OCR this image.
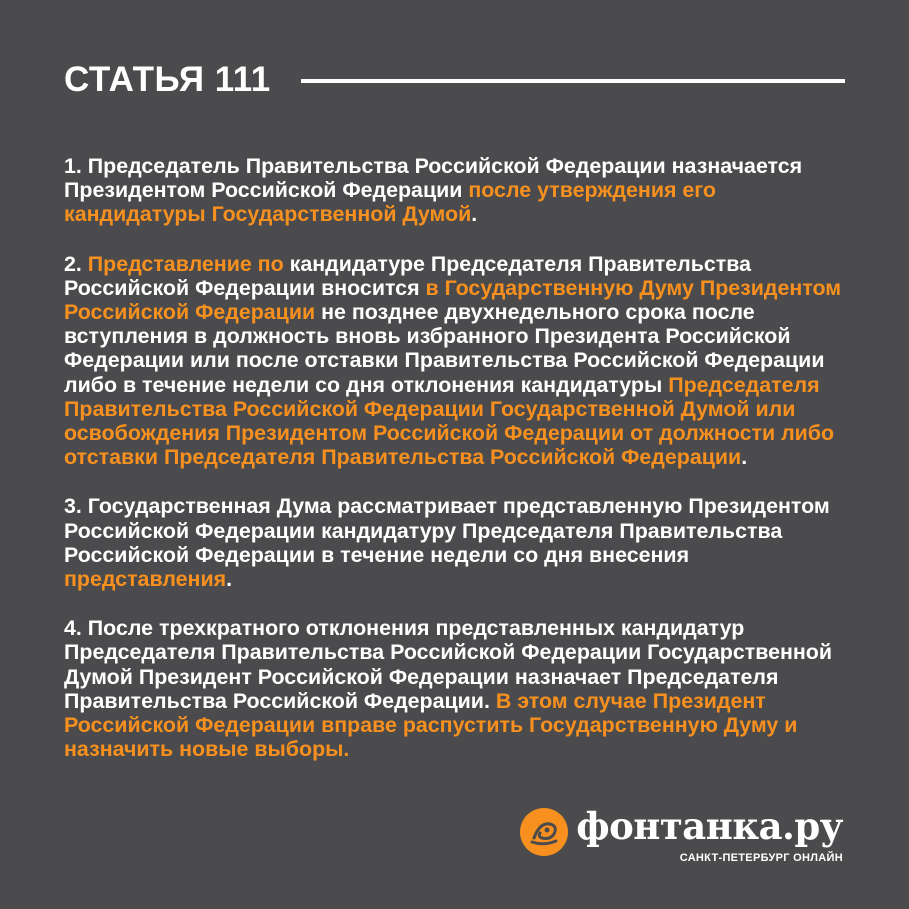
СТАТЬЯ 111

1. Председатель Правительства Российской Федерации назначается Президентом Российской Федерации после утверждения его кандидатуры Государственной Думой.

2. Представление по кандидатуре Председателя Правительства Российской Федерации вносится в Государственную Думу Президентом Российской Федерации не позднее двухнедельного срока после вступления в должность вновь избранного Президента Российской Федерации или после отставки Правительства Российской Федерации либо в течение недели со дня отклонения кандидатуры Председателя Правительства Российской Федерации Государственной Думой или освобождения Президентом Российской Федерации от должности либо отставки Председателя Правительства Российской Федерации.

3. Государственная Дума рассматривает представленную Президентом Российской Федерации кандидатуру Председателя Правительства Российской Федерации в течение недели со дня внесения представления.

4. После трехкратного отклонения представленных кандидатур Председателя Правительства Российской Федерации Государственной Думой Президент Российской Федерации назначает Председателя Правительства Российской Федерации. В этом случае Президент Российской Федерации вправе распустить Государственную Думу и назначить новые выборы.

фонтанка.ру
САНКТ-ПЕТЕРБУРГ ОНЛАЙН
